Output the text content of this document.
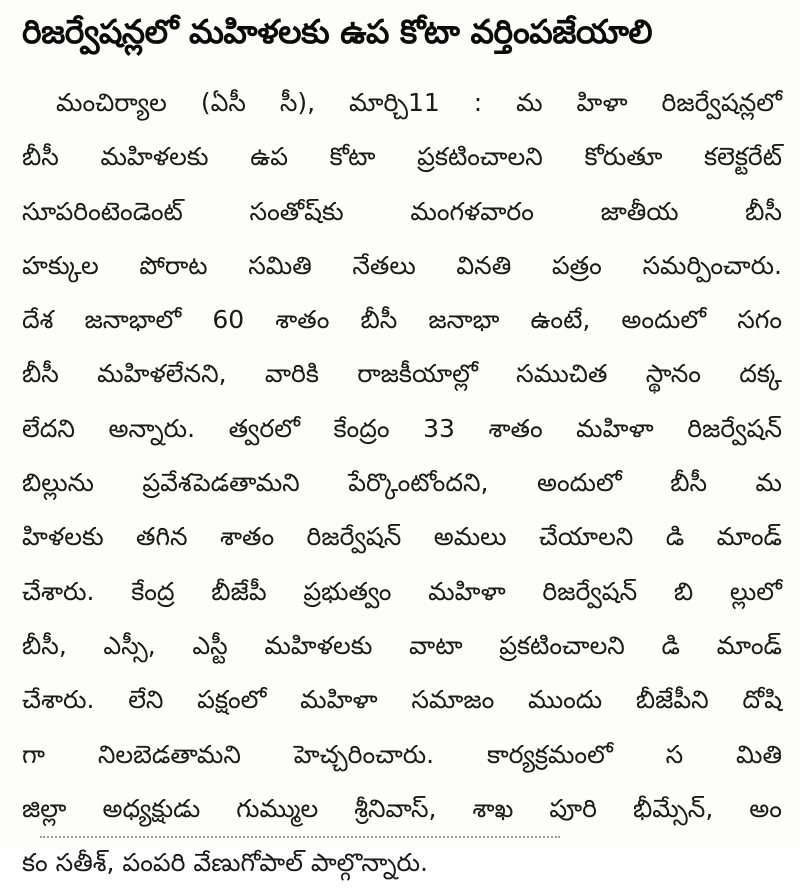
రిజర్వేషన్లలో మహిళలకు ఉప కోటా వర్తింపజేయాలి
మంచిర్యాల (ఏసీ సీ), మార్చి11 : మ హిళా రిజర్వేషన్లలో
బీసీ మహిళలకు ఉప కోటా ప్రకటించాలని కోరుతూ కలెక్టరేట్
సూపరింటెండెంట్ సంతోష్‌కు మంగళవారం జాతీయ బీసీ
హక్కుల పోరాట సమితి నేతలు వినతి పత్రం సమర్పించారు.
దేశ జనాభాలో 60 శాతం బీసీ జనాభా ఉంటే, అందులో సగం
బీసీ మహిళలేనని, వారికి రాజకీయాల్లో సముచిత స్థానం దక్క
లేదని అన్నారు. త్వరలో కేంద్రం 33 శాతం మహిళా రిజర్వేషన్
బిల్లును ప్రవేశపెడతామని పేర్కొంటోందని, అందులో బీసీ మ
హిళలకు తగిన శాతం రిజర్వేషన్ అమలు చేయాలని డి మాండ్
చేశారు. కేంద్ర బీజేపీ ప్రభుత్వం మహిళా రిజర్వేషన్ బి ల్లులో
బీసీ, ఎస్సీ, ఎస్టీ మహిళలకు వాటా ప్రకటించాలని డి మాండ్
చేశారు. లేని పక్షంలో మహిళా సమాజం ముందు బీజేపీని దోషి
గా నిలబెడతామని హెచ్చరించారు. కార్యక్రమంలో స మితి
జిల్లా అధ్యక్షుడు గుమ్ముల శ్రీనివాస్, శాఖ పూరి భీమ్సేన్, అం
కం సతీశ్, పంపరి వేణుగోపాల్ పాల్గొన్నారు.
